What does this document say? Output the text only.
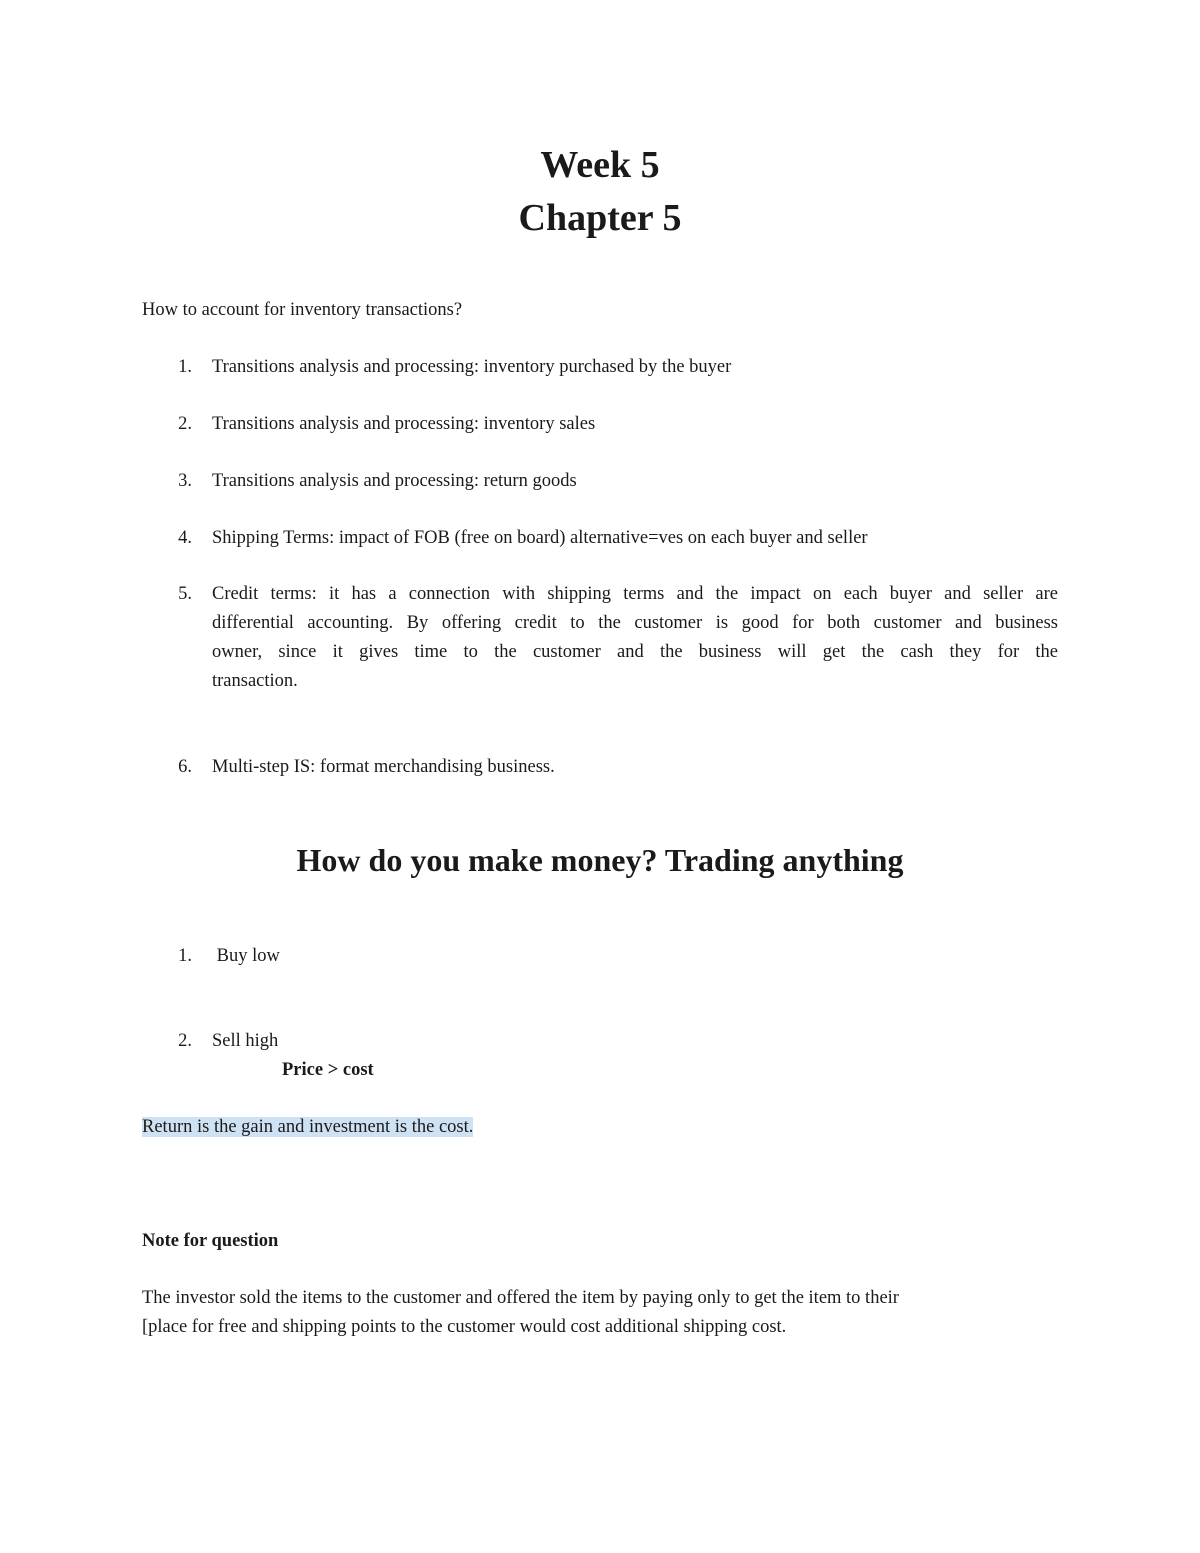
Week 5
Chapter 5
How to account for inventory transactions?
1. Transitions analysis and processing: inventory purchased by the buyer
2. Transitions analysis and processing: inventory sales
3. Transitions analysis and processing: return goods
4. Shipping Terms: impact of FOB (free on board) alternative=ves on each buyer and seller
5. Credit terms: it has a connection with shipping terms and the impact on each buyer and seller are
differential accounting. By offering credit to the customer is good for both customer and business
owner, since it gives time to the customer and the business will get the cash they for the
transaction.
6. Multi-step IS: format merchandising business.
How do you make money? Trading anything
1. Buy low
2. Sell high
Price > cost
Return is the gain and investment is the cost.
Note for question
The investor sold the items to the customer and offered the item by paying only to get the item to their
[place for free and shipping points to the customer would cost additional shipping cost.
